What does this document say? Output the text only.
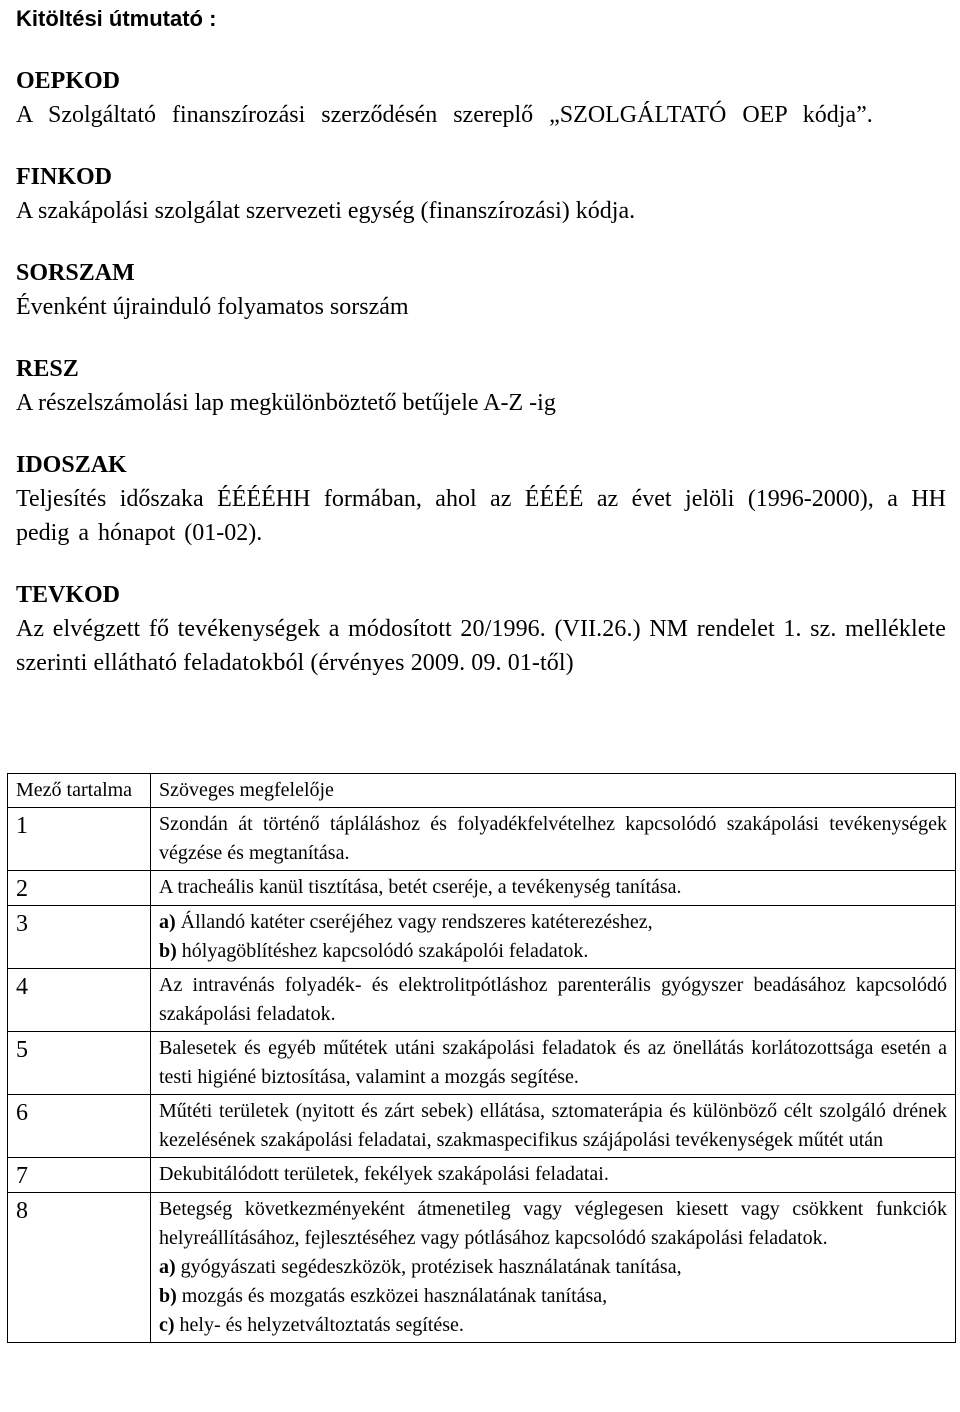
Kitöltési útmutató :
OEPKOD
A Szolgáltató finanszírozási szerződésén szereplő „SZOLGÁLTATÓ OEP kódja”.
FINKOD
A szakápolási szolgálat szervezeti egység (finanszírozási) kódja.
SORSZAM
Évenként újrainduló folyamatos sorszám
RESZ
A részelszámolási lap megkülönböztető betűjele A-Z -ig
IDOSZAK
Teljesítés időszaka ÉÉÉÉHH formában, ahol az ÉÉÉÉ az évet jelöli (1996-2000), a HH pedig a hónapot (01-02).
TEVKOD
Az elvégzett fő tevékenységek a módosított 20/1996. (VII.26.) NM rendelet 1. sz. melléklete szerinti ellátható feladatokból (érvényes 2009. 09. 01-től)
Mező tartalma	Szöveges megfelelője
1	Szondán át történő tápláláshoz és folyadékfelvételhez kapcsolódó szakápolási tevékenységek végzése és megtanítása.

2	A tracheális kanül tisztítása, betét cseréje, a tevékenység tanítása.

3	a) Állandó katéter cseréjéhez vagy rendszeres katéterezéshez,
b) hólyagöblítéshez kapcsolódó szakápolói feladatok.

4	Az intravénás folyadék- és elektrolitpótláshoz parenterális gyógyszer beadásához kapcsolódó szakápolási feladatok.

5	Balesetek és egyéb műtétek utáni szakápolási feladatok és az önellátás korlátozottsága esetén a testi higiéné biztosítása, valamint a mozgás segítése.

6	Műtéti területek (nyitott és zárt sebek) ellátása, sztomaterápia és különböző célt szolgáló drének kezelésének szakápolási feladatai, szakmaspecifikus szájápolási tevékenységek műtét után

7	Dekubitálódott területek, fekélyek szakápolási feladatai.

8	Betegség következményeként átmenetileg vagy véglegesen kiesett vagy csökkent funkciók helyreállításához, fejlesztéséhez vagy pótlásához kapcsolódó szakápolási feladatok.
a) gyógyászati segédeszközök, protézisek használatának tanítása,
b) mozgás és mozgatás eszközei használatának tanítása,
c) hely- és helyzetváltoztatás segítése.
